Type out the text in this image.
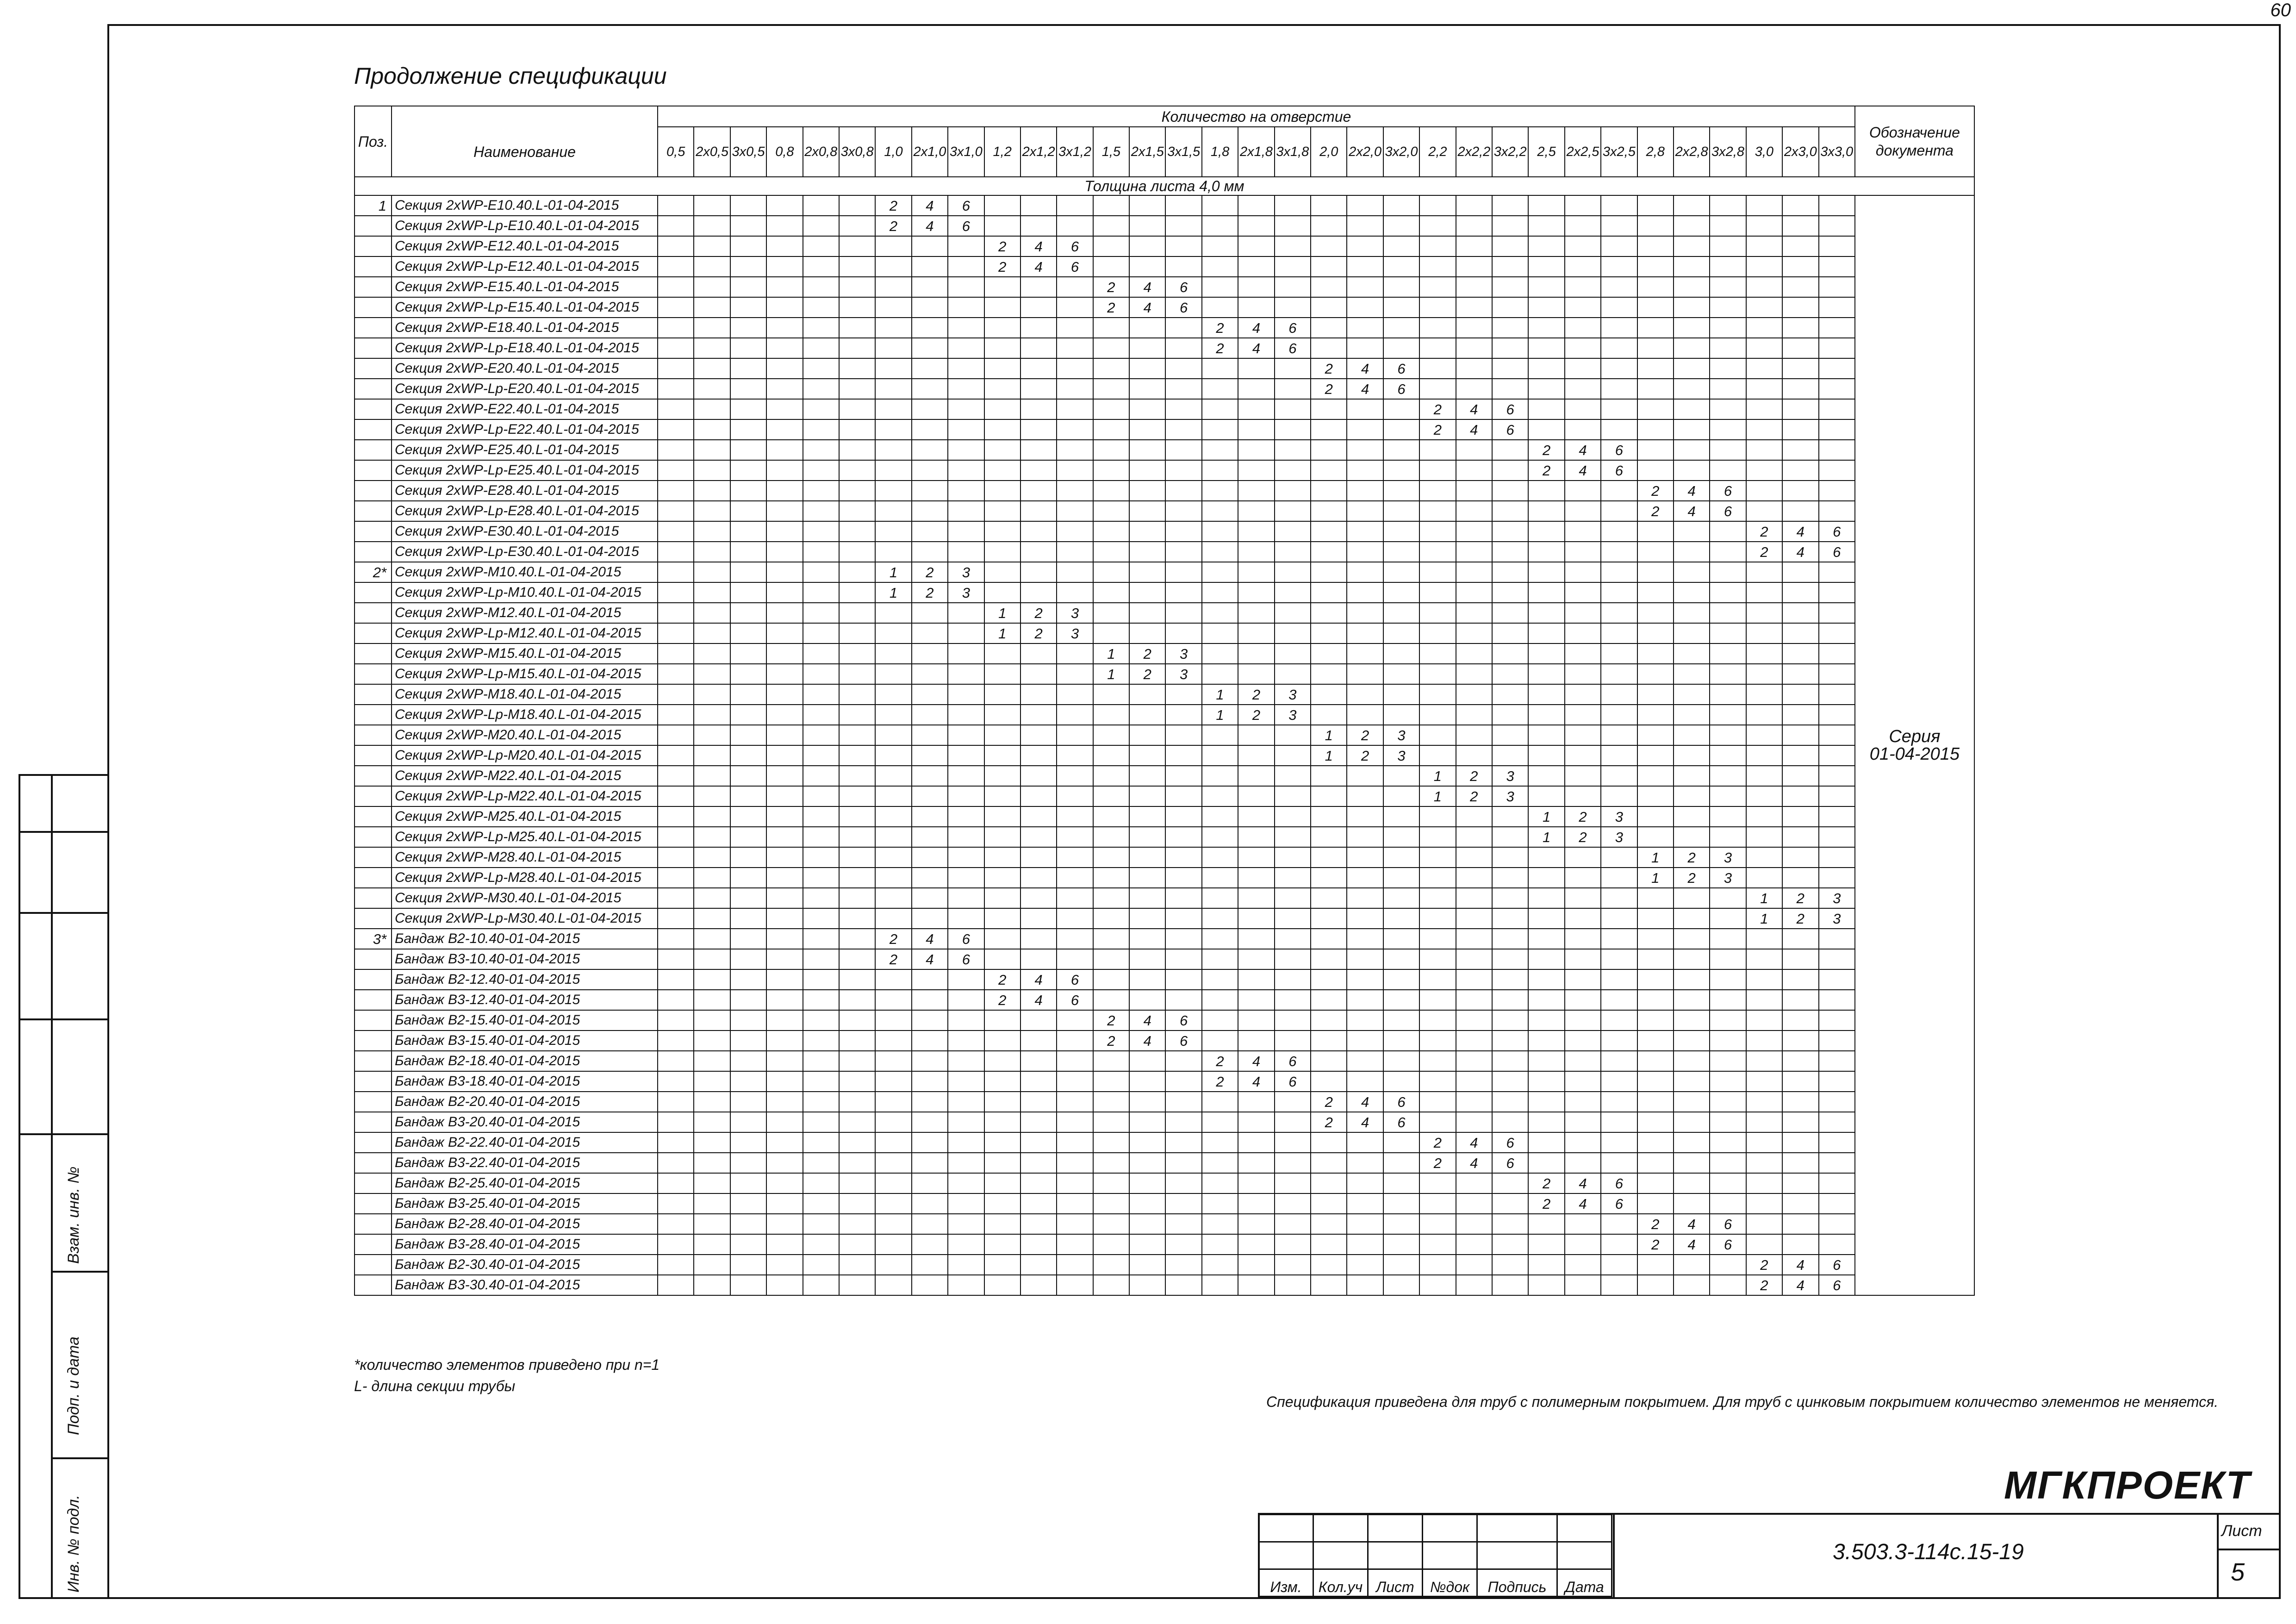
60
Продолжение спецификации
Поз.		Количество на отверстие																																	Обозначение документа
	Наименование	0,5	2x0,5	3x0,5	0,8	2x0,8	3x0,8	1,0	2x1,0	3x1,0	1,2	2x1,2	3x1,2	1,5	2x1,5	3x1,5	1,8	2x1,8	3x1,8	2,0	2x2,0	3x2,0	2,2	2x2,2	3x2,2	2,5	2x2,5	3x2,5	2,8	2x2,8	3x2,8	3,0	2x3,0	3x3,0	
Толщина листа 4,0 мм																																			
1	Секция 2xWP-E10.40.L-01-04-2015							2	4	6																									Серия
01-04-2015
	Секция 2xWP-Lp-E10.40.L-01-04-2015							2	4	6																									
	Секция 2xWP-E12.40.L-01-04-2015										2	4	6																						
	Секция 2xWP-Lp-E12.40.L-01-04-2015										2	4	6																						
	Секция 2xWP-E15.40.L-01-04-2015													2	4	6																			
	Секция 2xWP-Lp-E15.40.L-01-04-2015													2	4	6																			
	Секция 2xWP-E18.40.L-01-04-2015																2	4	6																
	Секция 2xWP-Lp-E18.40.L-01-04-2015																2	4	6																
	Секция 2xWP-E20.40.L-01-04-2015																			2	4	6													
	Секция 2xWP-Lp-E20.40.L-01-04-2015																			2	4	6													
	Секция 2xWP-E22.40.L-01-04-2015																						2	4	6										
	Секция 2xWP-Lp-E22.40.L-01-04-2015																						2	4	6										
	Секция 2xWP-E25.40.L-01-04-2015																									2	4	6							
	Секция 2xWP-Lp-E25.40.L-01-04-2015																									2	4	6							
	Секция 2xWP-E28.40.L-01-04-2015																												2	4	6				
	Секция 2xWP-Lp-E28.40.L-01-04-2015																												2	4	6				
	Секция 2xWP-E30.40.L-01-04-2015																															2	4	6	
	Секция 2xWP-Lp-E30.40.L-01-04-2015																															2	4	6	
2*	Секция 2xWP-M10.40.L-01-04-2015							1	2	3																									
	Секция 2xWP-Lp-M10.40.L-01-04-2015							1	2	3																									
	Секция 2xWP-M12.40.L-01-04-2015										1	2	3																						
	Секция 2xWP-Lp-M12.40.L-01-04-2015										1	2	3																						
	Секция 2xWP-M15.40.L-01-04-2015													1	2	3																			
	Секция 2xWP-Lp-M15.40.L-01-04-2015													1	2	3																			
	Секция 2xWP-M18.40.L-01-04-2015																1	2	3																
	Секция 2xWP-Lp-M18.40.L-01-04-2015																1	2	3																
	Секция 2xWP-M20.40.L-01-04-2015																			1	2	3													
	Секция 2xWP-Lp-M20.40.L-01-04-2015																			1	2	3													
	Секция 2xWP-M22.40.L-01-04-2015																						1	2	3										
	Секция 2xWP-Lp-M22.40.L-01-04-2015																						1	2	3										
	Секция 2xWP-M25.40.L-01-04-2015																									1	2	3							
	Секция 2xWP-Lp-M25.40.L-01-04-2015																									1	2	3							
	Секция 2xWP-M28.40.L-01-04-2015																												1	2	3				
	Секция 2xWP-Lp-M28.40.L-01-04-2015																												1	2	3				
	Секция 2xWP-M30.40.L-01-04-2015																															1	2	3	
	Секция 2xWP-Lp-M30.40.L-01-04-2015																															1	2	3	
3*	Бандаж B2-10.40-01-04-2015							2	4	6																									
	Бандаж B3-10.40-01-04-2015							2	4	6																									
	Бандаж B2-12.40-01-04-2015										2	4	6																						
	Бандаж B3-12.40-01-04-2015										2	4	6																						
	Бандаж B2-15.40-01-04-2015													2	4	6																			
	Бандаж B3-15.40-01-04-2015													2	4	6																			
	Бандаж B2-18.40-01-04-2015																2	4	6																
	Бандаж B3-18.40-01-04-2015																2	4	6																
	Бандаж B2-20.40-01-04-2015																			2	4	6													
	Бандаж B3-20.40-01-04-2015																			2	4	6													
	Бандаж B2-22.40-01-04-2015																						2	4	6										
	Бандаж B3-22.40-01-04-2015																						2	4	6										
	Бандаж B2-25.40-01-04-2015																									2	4	6							
	Бандаж B3-25.40-01-04-2015																									2	4	6							
	Бандаж B2-28.40-01-04-2015																												2	4	6				
	Бандаж B3-28.40-01-04-2015																												2	4	6				
	Бандаж B2-30.40-01-04-2015																															2	4	6	
	Бандаж B3-30.40-01-04-2015																															2	4	6	
*количество элементов приведено при n=1
L- длина секции трубы
Спецификация приведена для труб с полимерным покрытием. Для труб с цинковым покрытием количество элементов не меняется.
МГКПРОЕКТ
Взам. инв. №
Подп. и дата
Инв. № подл.

						Изм.	Кол.уч	Лист	№док	Подпись	Дата
3.503.3-114с.15-19
Лист
5
